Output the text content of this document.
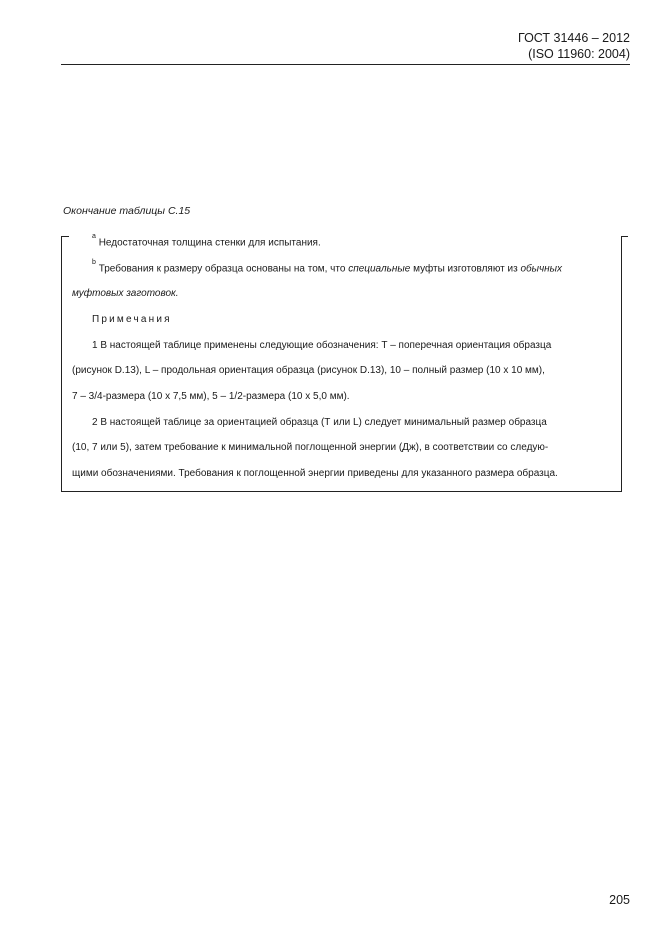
ГОСТ 31446 – 2012
(ISO 11960: 2004)
Окончание таблицы С.15
$^a$ Недостаточная толщина стенки для испытания.
$^b$ Требования к размеру образца основаны на том, что специальные муфты изготовляют из обычных
муфтовых заготовок.
Примечания
1 В настоящей таблице применены следующие обозначения: Т – поперечная ориентация образца
(рисунок D.13), L – продольная ориентация образца (рисунок D.13), 10 – полный размер (10 х 10 мм),
7 – 3/4-размера (10 х 7,5 мм), 5 – 1/2-размера (10 х 5,0 мм).
2 В настоящей таблице за ориентацией образца (Т или L) следует минимальный размер образца
(10, 7 или 5), затем требование к минимальной поглощенной энергии (Дж), в соответствии со следую-
щими обозначениями. Требования к поглощенной энергии приведены для указанного размера образца.
205
